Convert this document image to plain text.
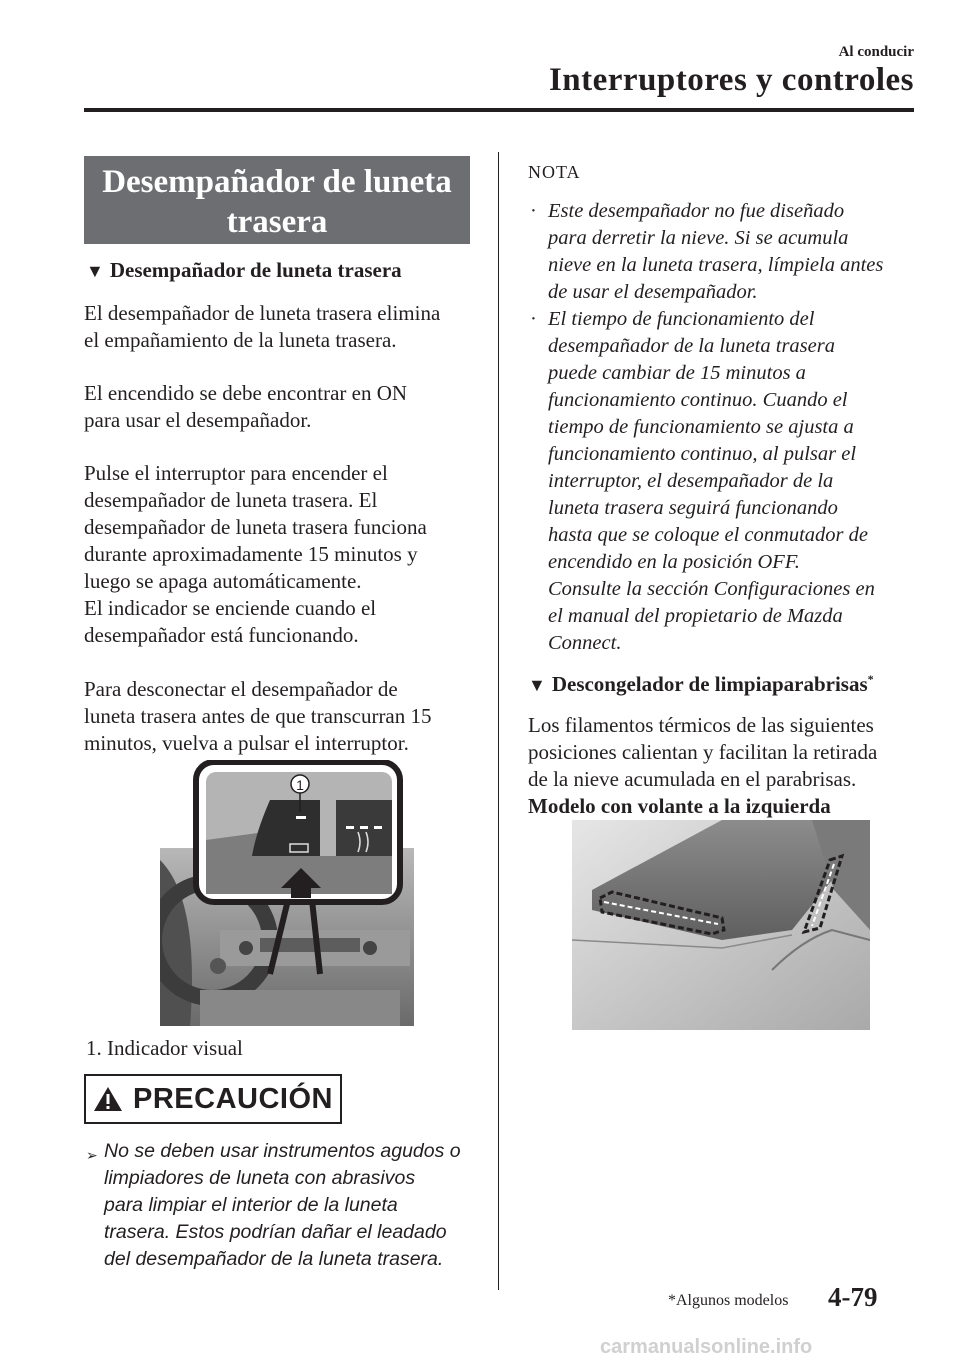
Al conducir
Interruptores y controles
Desempañador de luneta
trasera
▼ Desempañador de luneta trasera
El desempañador de luneta trasera elimina
el empañamiento de la luneta trasera.
El encendido se debe encontrar en ON
para usar el desempañador.
Pulse el interruptor para encender el
desempañador de luneta trasera. El
desempañador de luneta trasera funciona
durante aproximadamente 15 minutos y
luego se apaga automáticamente.
El indicador se enciende cuando el
desempañador está funcionando.
Para desconectar el desempañador de
luneta trasera antes de que transcurran 15
minutos, vuelva a pulsar el interruptor.
1
1. Indicador visual
PRECAUCIÓN
➢ No se deben usar instrumentos agudos o
limpiadores de luneta con abrasivos
para limpiar el interior de la luneta
trasera. Estos podrían dañar el leadado
del desempañador de la luneta trasera.
NOTA
· Este desempañador no fue diseñado
para derretir la nieve. Si se acumula
nieve en la luneta trasera, límpiela antes
de usar el desempañador.
· El tiempo de funcionamiento del
desempañador de la luneta trasera
puede cambiar de 15 minutos a
funcionamiento continuo. Cuando el
tiempo de funcionamiento se ajusta a
funcionamiento continuo, al pulsar el
interruptor, el desempañador de la
luneta trasera seguirá funcionando
hasta que se coloque el conmutador de
encendido en la posición OFF.
Consulte la sección Configuraciones en
el manual del propietario de Mazda
Connect.
▼ Descongelador de limpiaparabrisas*
Los filamentos térmicos de las siguientes
posiciones calientan y facilitan la retirada
de la nieve acumulada en el parabrisas.
Modelo con volante a la izquierda
*Algunos modelos 4-79
carmanualsonline.info
